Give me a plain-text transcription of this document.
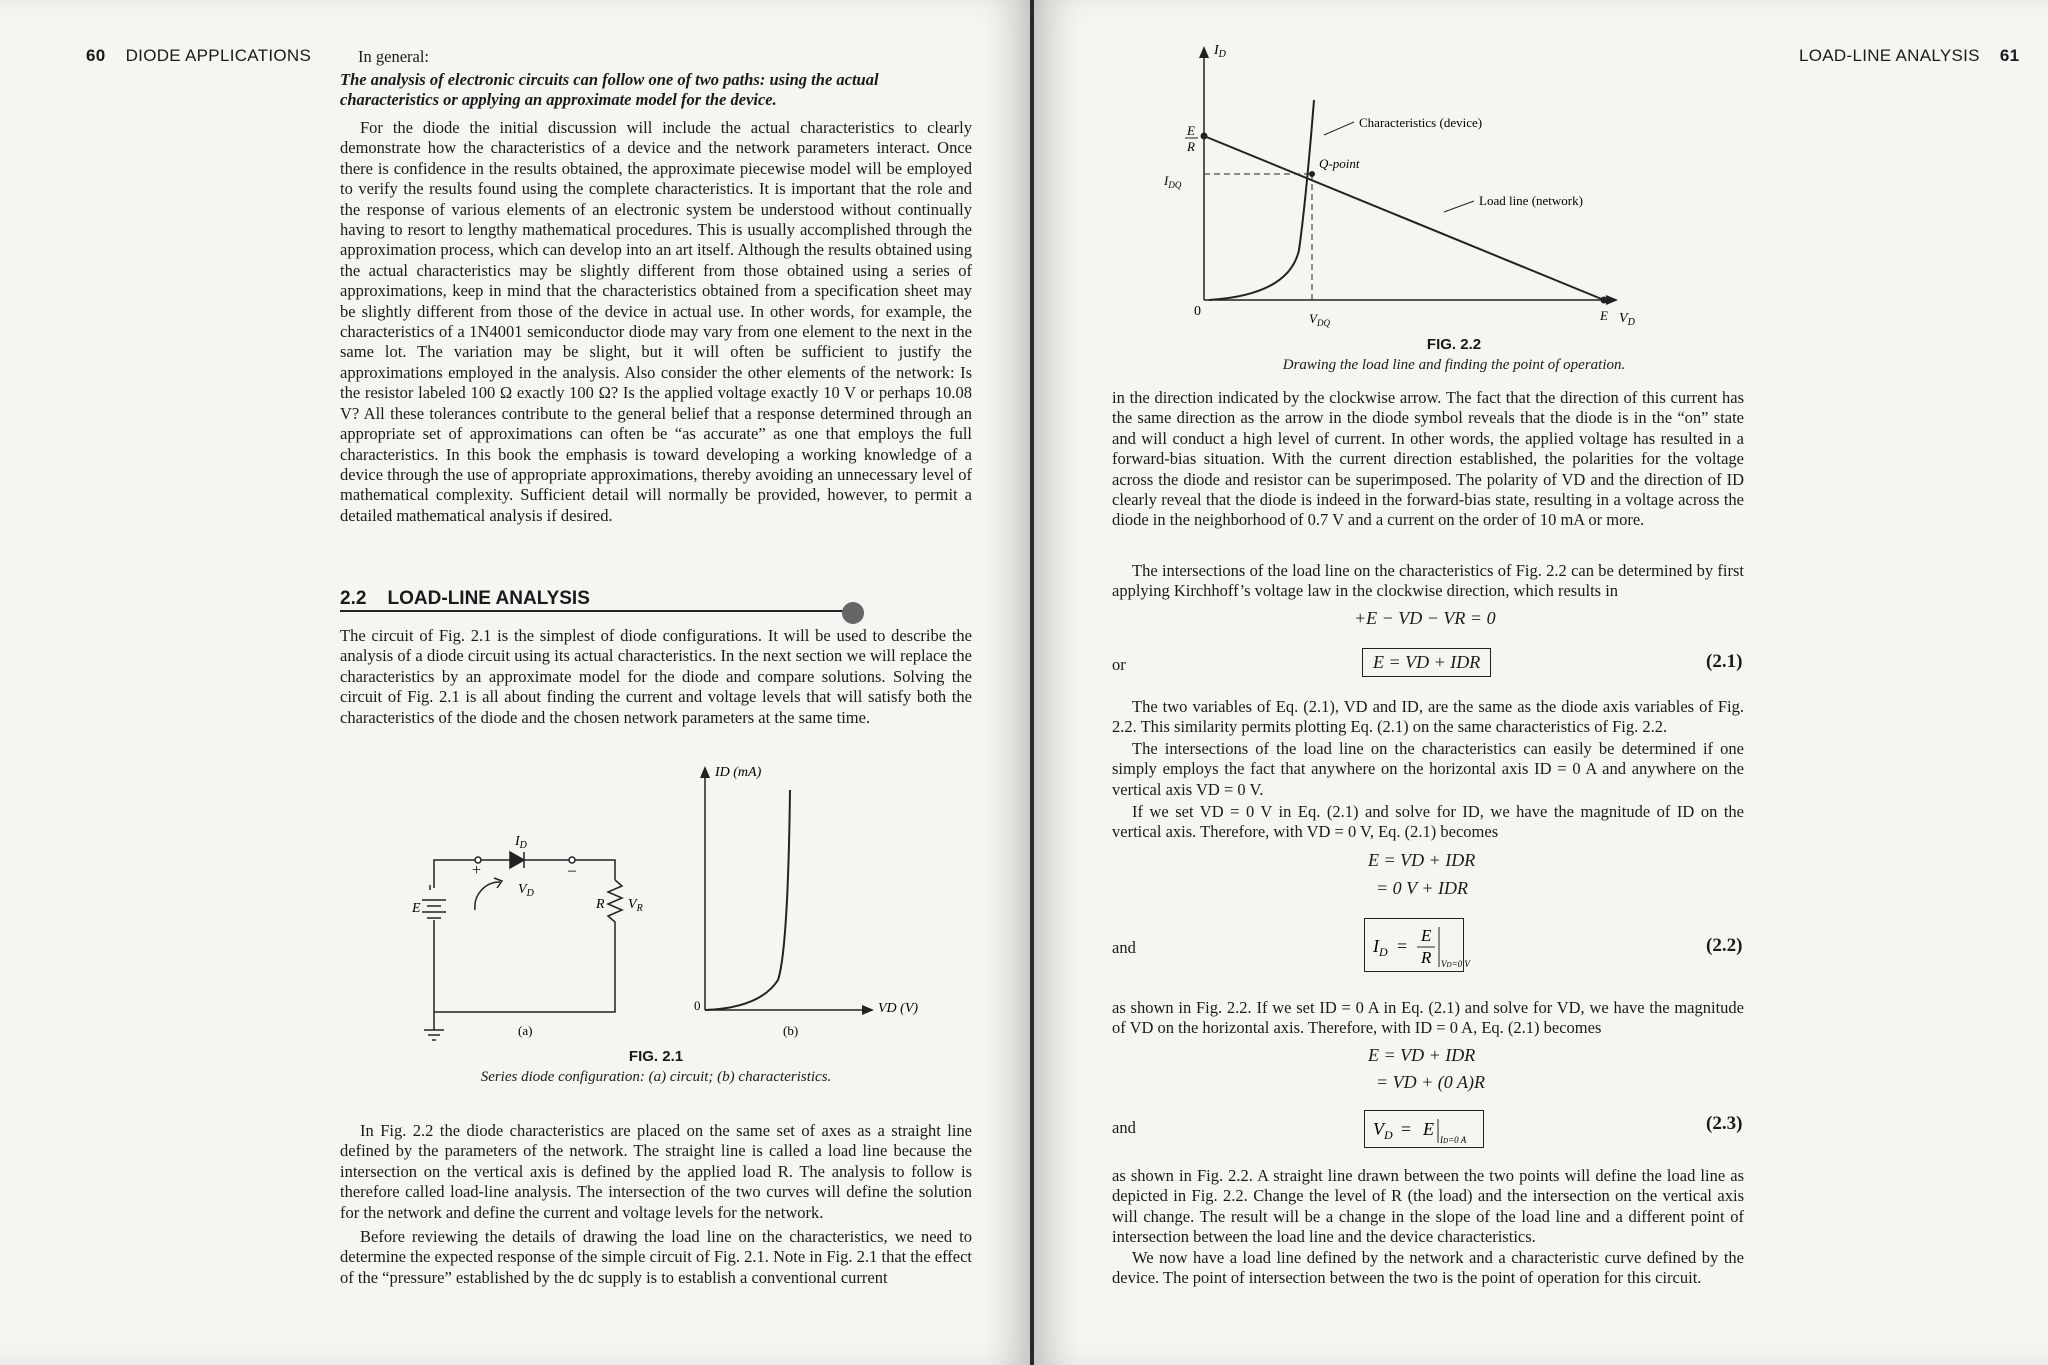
60 DIODE APPLICATIONS	In general:
The analysis of electronic circuits can follow one of two paths: using the actual characteristics or applying an approximate model for the device.
For the diode the initial discussion will include the actual characteristics to clearly demonstrate how the characteristics of a device and the network parameters interact. Once there is confidence in the results obtained, the approximate piecewise model will be employed to verify the results found using the complete characteristics. It is important that the role and the response of various elements of an electronic system be understood without continually having to resort to lengthy mathematical procedures. This is usually accomplished through the approximation process, which can develop into an art itself. Although the results obtained using the actual characteristics may be slightly different from those obtained using a series of approximations, keep in mind that the characteristics obtained from a specification sheet may be slightly different from those of the device in actual use. In other words, for example, the characteristics of a 1N4001 semiconductor diode may vary from one element to the next in the same lot. The variation may be slight, but it will often be sufficient to justify the approximations employed in the analysis. Also consider the other elements of the network: Is the resistor labeled 100 Ω exactly 100 Ω? Is the applied voltage exactly 10 V or perhaps 10.08 V? All these tolerances contribute to the general belief that a response determined through an appropriate set of approximations can often be “as accurate” as one that employs the full characteristics. In this book the emphasis is toward developing a working knowledge of a device through the use of appropriate approximations, thereby avoiding an unnecessary level of mathematical complexity. Sufficient detail will normally be provided, however, to permit a detailed mathematical analysis if desired.
2.2 LOAD-LINE ANALYSIS
The circuit of Fig. 2.1 is the simplest of diode configurations. It will be used to describe the analysis of a diode circuit using its actual characteristics. In the next section we will replace the characteristics by an approximate model for the diode and compare solutions. Solving the circuit of Fig. 2.1 is all about finding the current and voltage levels that will satisfy both the characteristics of the diode and the chosen network parameters at the same time.
$I_D$
$V_D$
+	–
E	R $V_R$
(a)
ID (mA)
VD (V)
0
(b)
FIG. 2.1
Series diode configuration: (a) circuit; (b) characteristics.
In Fig. 2.2 the diode characteristics are placed on the same set of axes as a straight line defined by the parameters of the network. The straight line is called a load line because the intersection on the vertical axis is defined by the applied load R. The analysis to follow is therefore called load-line analysis. The intersection of the two curves will define the solution for the network and define the current and voltage levels for the network.
Before reviewing the details of drawing the load line on the characteristics, we need to determine the expected response of the simple circuit of Fig. 2.1. Note in Fig. 2.1 that the effect of the “pressure” established by the dc supply is to establish a conventional current
LOAD-LINE ANALYSIS 61
0
$I_D$
$V_D$
E
R
$I_{DQ}$
$V_{DQ}$	E
Characteristics (device)
Q-point
Load line (network)
FIG. 2.2
Drawing the load line and finding the point of operation.
in the direction indicated by the clockwise arrow. The fact that the direction of this current has the same direction as the arrow in the diode symbol reveals that the diode is in the “on” state and will conduct a high level of current. In other words, the applied voltage has resulted in a forward-bias situation. With the current direction established, the polarities for the voltage across the diode and resistor can be superimposed. The polarity of VD and the direction of ID clearly reveal that the diode is indeed in the forward-bias state, resulting in a voltage across the diode in the neighborhood of 0.7 V and a current on the order of 10 mA or more.
The intersections of the load line on the characteristics of Fig. 2.2 can be determined by first applying Kirchhoff’s voltage law in the clockwise direction, which results in
+E − VD − VR = 0
or	E = VD + IDR	(2.1)
The two variables of Eq. (2.1), VD and ID, are the same as the diode axis variables of Fig. 2.2. This similarity permits plotting Eq. (2.1) on the same characteristics of Fig. 2.2.
The intersections of the load line on the characteristics can easily be determined if one simply employs the fact that anywhere on the horizontal axis ID = 0 A and anywhere on the vertical axis VD = 0 V.
If we set VD = 0 V in Eq. (2.1) and solve for ID, we have the magnitude of ID on the vertical axis. Therefore, with VD = 0 V, Eq. (2.1) becomes
E = VD + IDR
= 0 V + IDR
and	$I_D$ =
E
R VD=0 V
(2.2)
as shown in Fig. 2.2. If we set ID = 0 A in Eq. (2.1) and solve for VD, we have the magnitude of VD on the horizontal axis. Therefore, with ID = 0 A, Eq. (2.1) becomes
E = VD + IDR
= VD + (0 A)R
and	$V_D = E$
ID=0 A
(2.3)
as shown in Fig. 2.2. A straight line drawn between the two points will define the load line as depicted in Fig. 2.2. Change the level of R (the load) and the intersection on the vertical axis will change. The result will be a change in the slope of the load line and a different point of intersection between the load line and the device characteristics.
We now have a load line defined by the network and a characteristic curve defined by the device. The point of intersection between the two is the point of operation for this circuit.
